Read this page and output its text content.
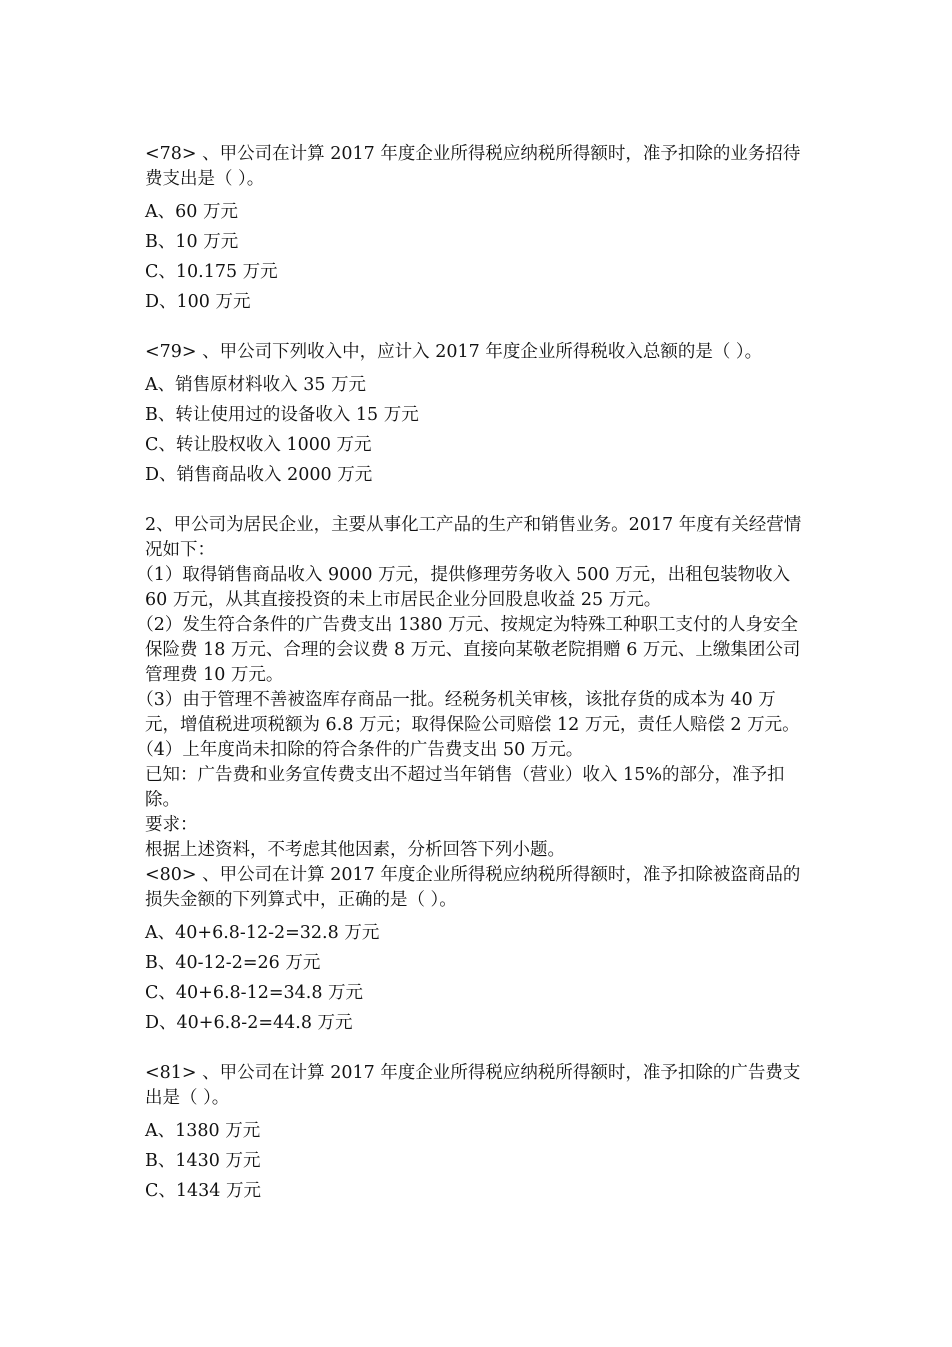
<78> 、甲公司在计算 2017 年度企业所得税应纳税所得额时，准予扣除的业务招待费支出是（ ）。

A、60 万元

B、10 万元

C、10.175 万元

D、100 万元

<79> 、甲公司下列收入中，应计入 2017 年度企业所得税收入总额的是（ ）。

A、销售原材料收入 35 万元

B、转让使用过的设备收入 15 万元

C、转让股权收入 1000 万元

D、销售商品收入 2000 万元

2、甲公司为居民企业，主要从事化工产品的生产和销售业务。2017 年度有关经营情况如下：

（1）取得销售商品收入 9000 万元，提供修理劳务收入 500 万元，出租包装物收入 60 万元，从其直接投资的未上市居民企业分回股息收益 25 万元。

（2）发生符合条件的广告费支出 1380 万元、按规定为特殊工种职工支付的人身安全保险费 18 万元、合理的会议费 8 万元、直接向某敬老院捐赠 6 万元、上缴集团公司管理费 10 万元。

（3）由于管理不善被盗库存商品一批。经税务机关审核，该批存货的成本为 40 万元，增值税进项税额为 6.8 万元；取得保险公司赔偿 12 万元，责任人赔偿 2 万元。

（4）上年度尚未扣除的符合条件的广告费支出 50 万元。

已知：广告费和业务宣传费支出不超过当年销售（营业）收入 15%的部分，准予扣除。

要求：

根据上述资料，不考虑其他因素，分析回答下列小题。

<80> 、甲公司在计算 2017 年度企业所得税应纳税所得额时，准予扣除被盗商品的损失金额的下列算式中，正确的是（ ）。

A、40+6.8-12-2=32.8 万元

B、40-12-2=26 万元

C、40+6.8-12=34.8 万元

D、40+6.8-2=44.8 万元

<81> 、甲公司在计算 2017 年度企业所得税应纳税所得额时，准予扣除的广告费支出是（ ）。

A、1380 万元

B、1430 万元

C、1434 万元
